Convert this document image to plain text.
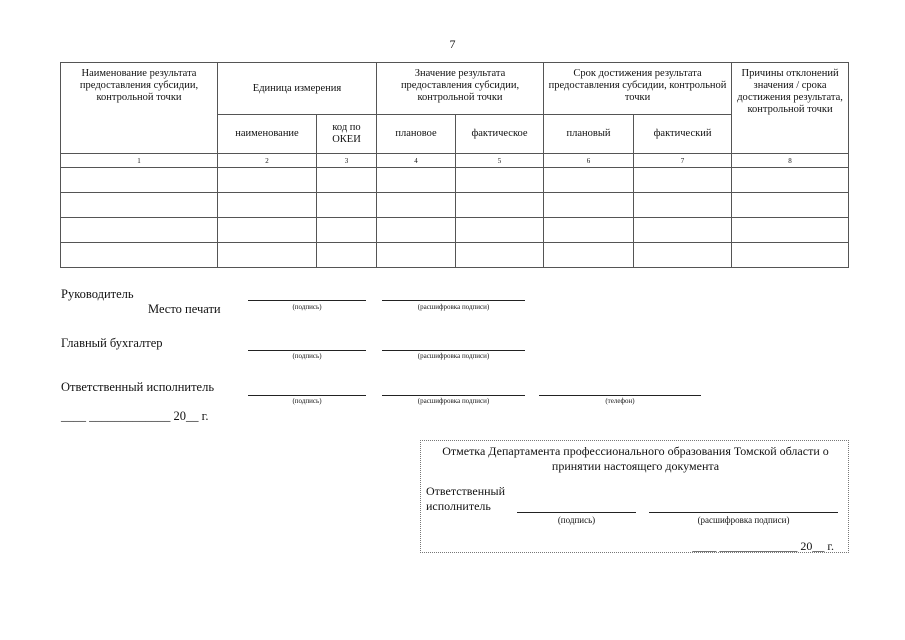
7
Наименование результата предоставления субсидии, контрольной точки	Единица измерения		Значение результата предоставления субсидии, контрольной точки		Срок достижения результата предоставления субсидии, контрольной точки		Причины отклонений значения / срока достижения результата, контрольной точки
	наименование	код по ОКЕИ	плановое	фактическое	плановый	фактический	
1	2	3	4	5	6	7	8

Руководитель
Место печати	(подпись)	(расшифровка подписи)
Главный бухгалтер
(подпись)	(расшифровка подписи)
Ответственный исполнитель
(подпись)	(расшифровка подписи)	(телефон)
____ _____________ 20__ г.
Отметка Департамента профессионального образования Томской области о принятии настоящего документа
Ответственный
исполнитель
(подпись)	(расшифровка подписи)
____ _____________ 20__ г.
